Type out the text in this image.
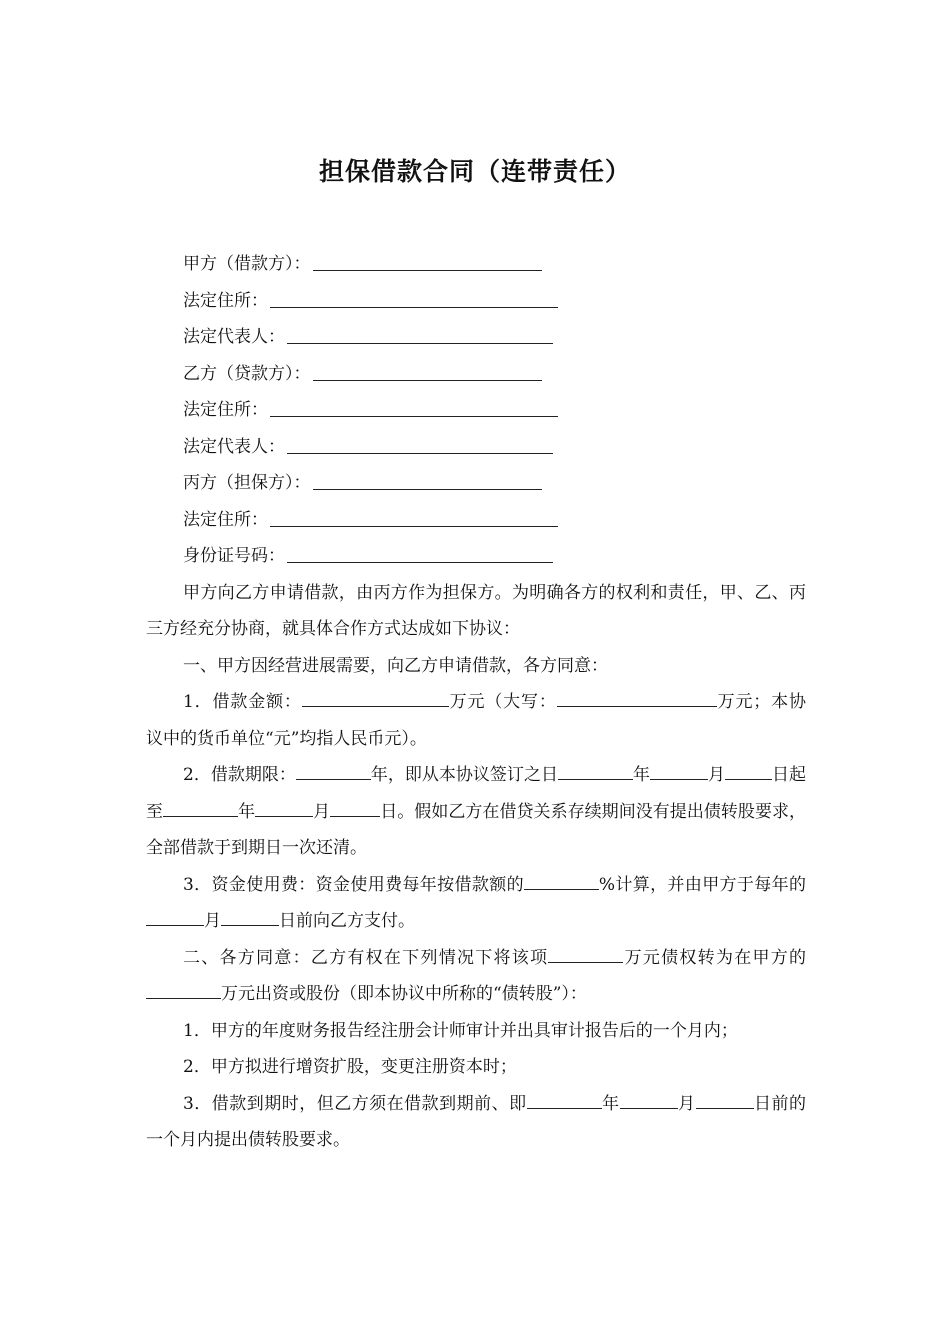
担保借款合同（连带责任）
甲方（借款方）：
法定住所：
法定代表人：
乙方（贷款方）：
法定住所：
法定代表人：
丙方（担保方）：
法定住所：
身份证号码：

甲方向乙方申请借款，由丙方作为担保方。为明确各方的权利和责任，甲、乙、丙三方经充分协商，就具体合作方式达成如下协议：

一、甲方因经营进展需要，向乙方申请借款，各方同意：

1．借款金额：	万元（大写：	万元；本协议中的货币单位“元”均指人民币元）。

2．借款期限：	年，即从本协议签订之日	年	月	日起至	年	月	日。假如乙方在借贷关系存续期间没有提出债转股要求，全部借款于到期日一次还清。

3．资金使用费：资金使用费每年按借款额的	%计算，并由甲方于每年的月	日前向乙方支付。

二、各方同意：乙方有权在下列情况下将该项	万元债权转为在甲方的万元出资或股份（即本协议中所称的“债转股”）：

1．甲方的年度财务报告经注册会计师审计并出具审计报告后的一个月内；

2．甲方拟进行增资扩股，变更注册资本时；

3．借款到期时，但乙方须在借款到期前、即	年	月	日前的一个月内提出债转股要求。
